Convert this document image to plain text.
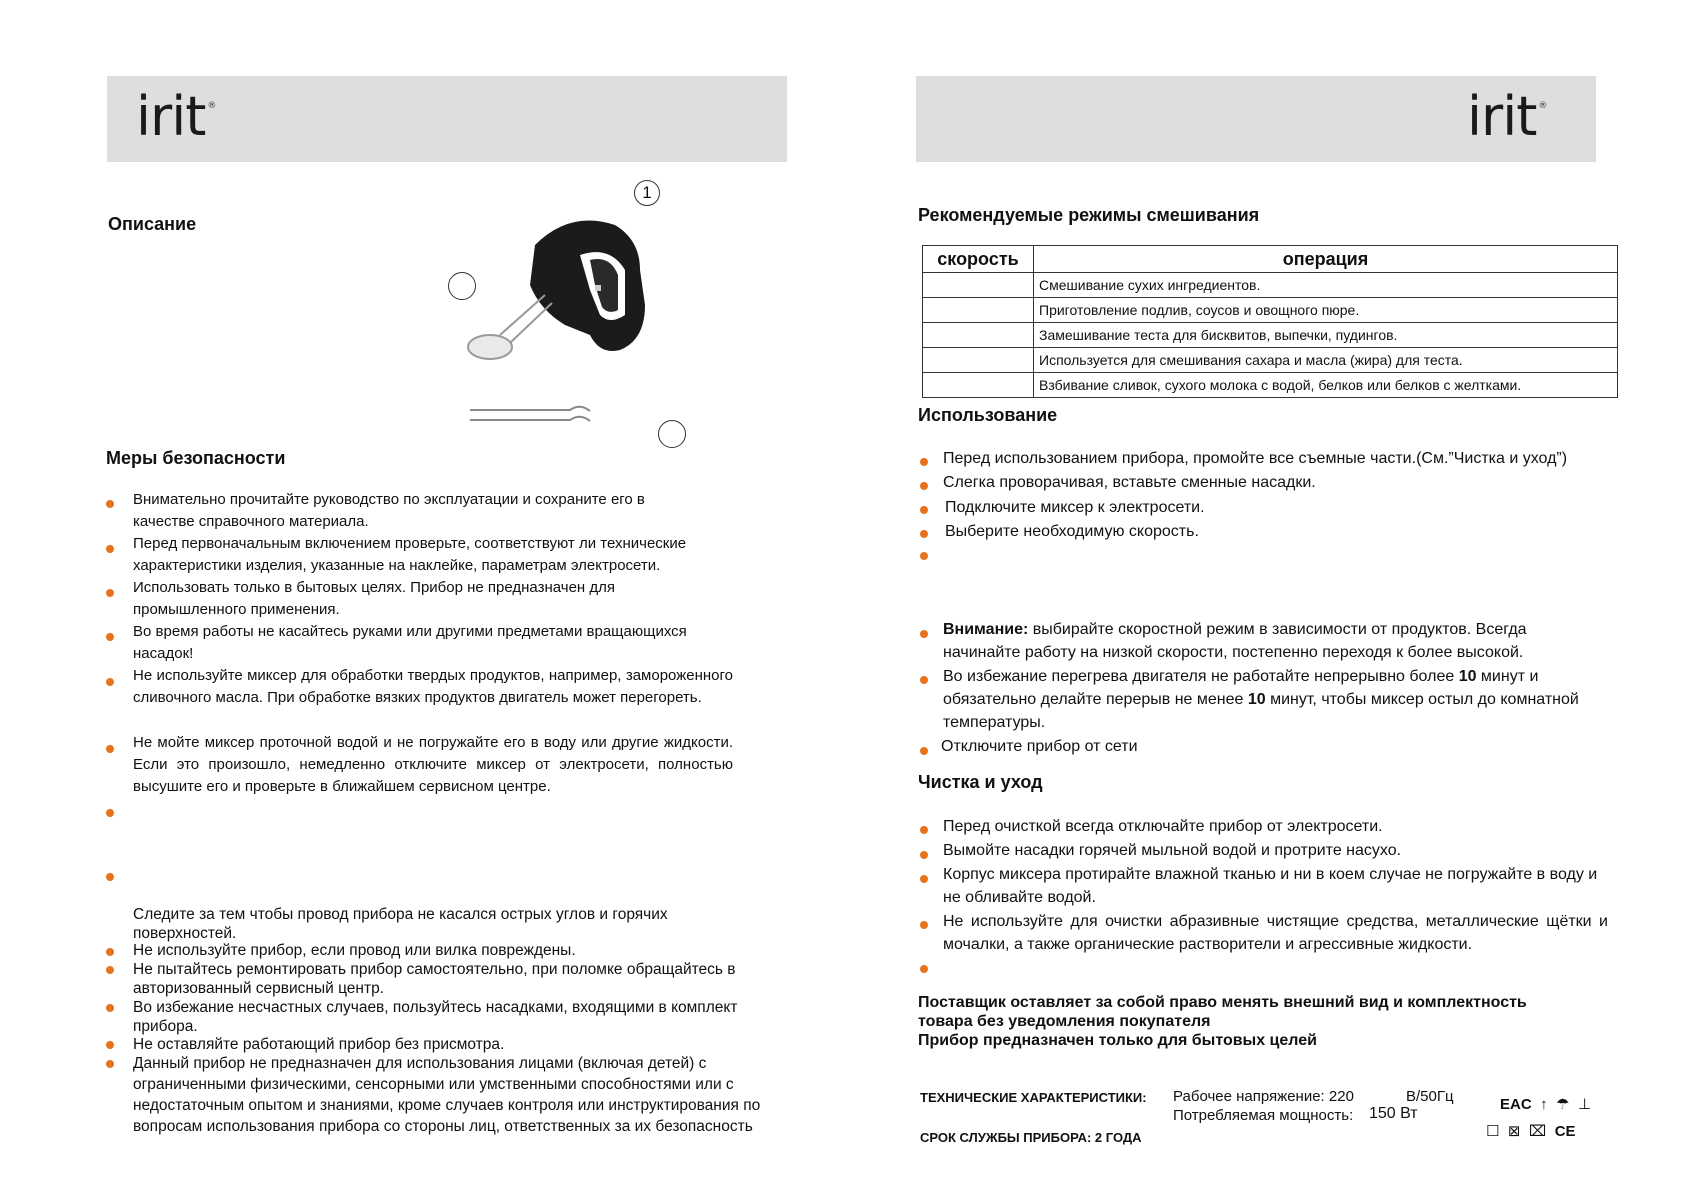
irit ®
Описание
1
Меры безопасности
Внимательно прочитайте руководство по эксплуатации и сохраните его в качестве справочного материала.
Перед первоначальным включением проверьте, соответствуют ли технические характеристики изделия, указанные на наклейке, параметрам электросети.
Использовать только в бытовых целях. Прибор не предназначен для промышленного применения.
Во время работы не касайтесь руками или другими предметами вращающихся насадок!
Не используйте миксер для обработки твердых продуктов, например, замороженного сливочного масла. При обработке вязких продуктов двигатель может перегореть.
Не мойте миксер проточной водой и не погружайте его в воду или другие жидкости. Если это произошло, немедленно отключите миксер от электросети, полностью высушите его и проверьте в ближайшем сервисном центре.
Следите за тем чтобы провод прибора не касался острых углов и горячих поверхностей.
Не используйте прибор, если провод или вилка повреждены.
Не пытайтесь ремонтировать прибор самостоятельно, при поломке обращайтесь в авторизованный сервисный центр.
Во избежание несчастных случаев, пользуйтесь насадками, входящими в комплект прибора.
Не оставляйте работающий прибор без присмотра.
Данный прибор не предназначен для использования лицами (включая детей) с ограниченными физическими, сенсорными или умственными способностями или с недостаточным опытом и знаниями, кроме случаев контроля или инструктирования по вопросам использования прибора со стороны лиц, ответственных за их безопасность
irit ®
Рекомендуемые режимы смешивания
скорость	операция
	Смешивание сухих ингредиентов.
	Приготовление подлив, соусов и овощного пюре.
	Замешивание теста для бисквитов, выпечки, пудингов.
	Используется для смешивания сахара и масла (жира) для теста.
	Взбивание сливок, сухого молока с водой, белков или белков с желтками.
Использование
Перед использованием прибора, промойте все съемные части.(См.”Чистка и уход”)
Слегка проворачивая, вставьте сменные насадки.
Подключите миксер к электросети.
Выберите необходимую скорость.
Внимание: выбирайте скоростной режим в зависимости от продуктов. Всегда начинайте работу на низкой скорости, постепенно переходя к более высокой.
Во избежание перегрева двигателя не работайте непрерывно более 10 минут и обязательно делайте перерыв не менее 10 минут, чтобы миксер остыл до комнатной температуры.
Отключите прибор от сети
Чистка и уход
Перед очисткой всегда отключайте прибор от электросети.
Вымойте насадки горячей мыльной водой и протрите насухо.
Корпус миксера протирайте влажной тканью и ни в коем случае не погружайте в воду и не обливайте водой.
Не используйте для очистки абразивные чистящие средства, металлические щётки и мочалки, а также органические растворители и агрессивные жидкости.
Поставщик оставляет за собой право менять внешний вид и комплектность
товара без уведомления покупателя
Прибор предназначен только для бытовых целей
ТЕХНИЧЕСКИЕ ХАРАКТЕРИСТИКИ: Рабочее напряжение: 220	В/50Гц
Потребляемая мощность: 150 Вт
СРОК СЛУЖБЫ ПРИБОРА: 2 ГОДА
EAC ↑ ☂ ⊥
☐ ⊠ ⌧ CE
